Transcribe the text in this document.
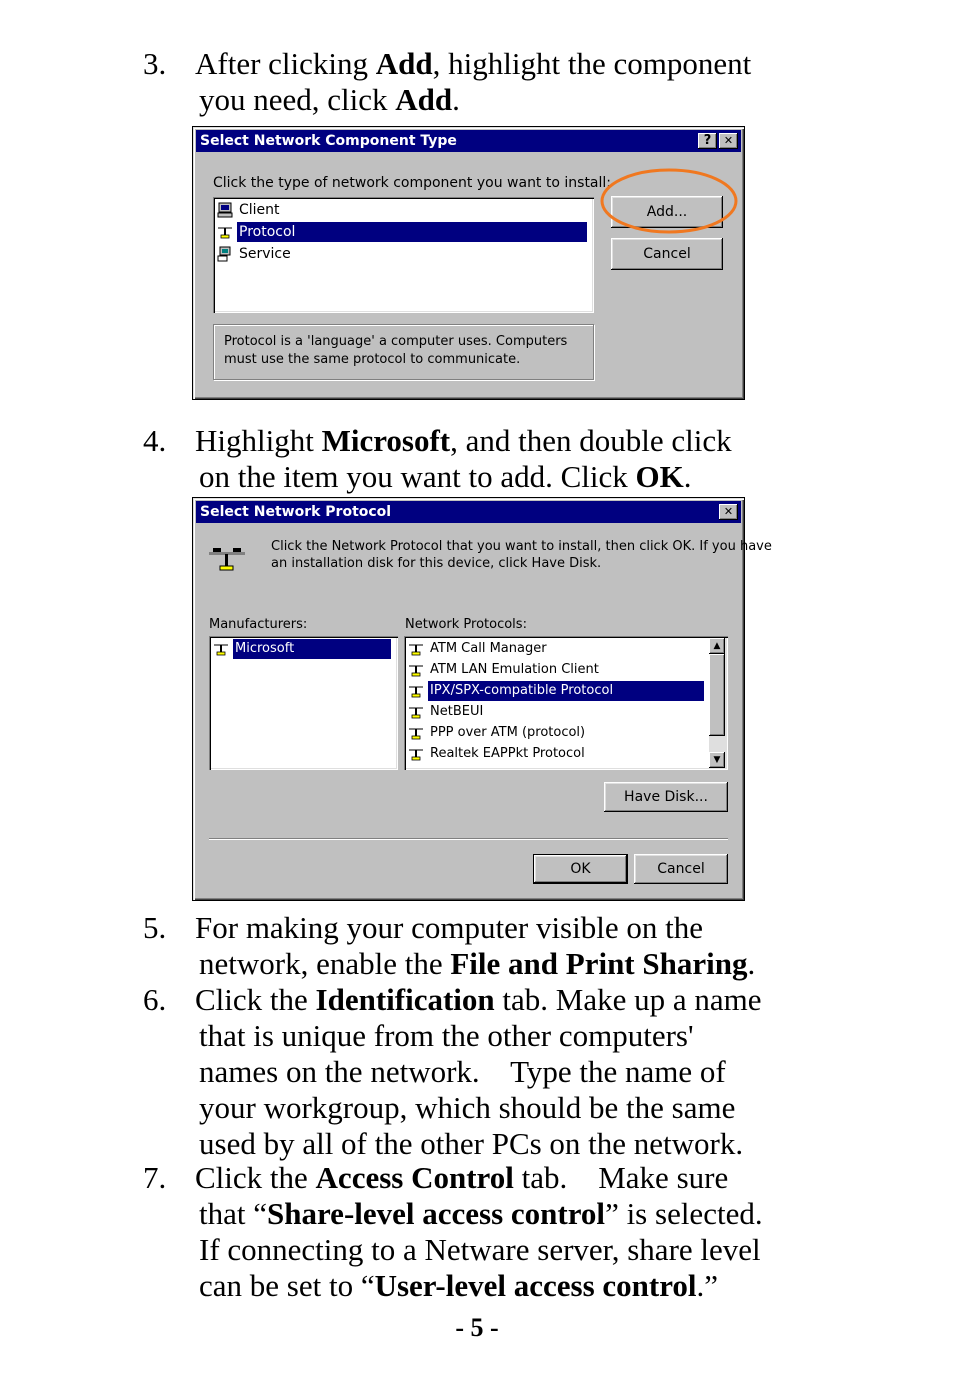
3. After clicking Add, highlight the component
you need, click Add.
4. Highlight Microsoft, and then double click
on the item you want to add. Click OK.
5. For making your computer visible on the
network, enable the File and Print Sharing.
6. Click the Identification tab. Make up a name
that is unique from the other computers'
names on the network.    Type the name of
your workgroup, which should be the same
used by all of the other PCs on the network.
7. Click the Access Control tab.    Make sure
that “Share-level access control” is selected.
If connecting to a Netware server, share level
can be set to “User-level access control.”
Select Network Component Type	?	✕
Click the type of network component you want to install:
Client
Protocol
Service
Protocol is a 'language' a computer uses. Computers
must use the same protocol to communicate.
Add...
Cancel
Select Network Protocol	✕
Click the Network Protocol that you want to install, then click OK. If you have
an installation disk for this device, click Have Disk.
Manufacturers:
Microsoft
Network Protocols:
ATM Call Manager
ATM LAN Emulation Client
IPX/SPX-compatible Protocol
NetBEUI
PPP over ATM (protocol)
Realtek EAPPkt Protocol
▲
▼
Have Disk...
OK	Cancel
- 5 -
